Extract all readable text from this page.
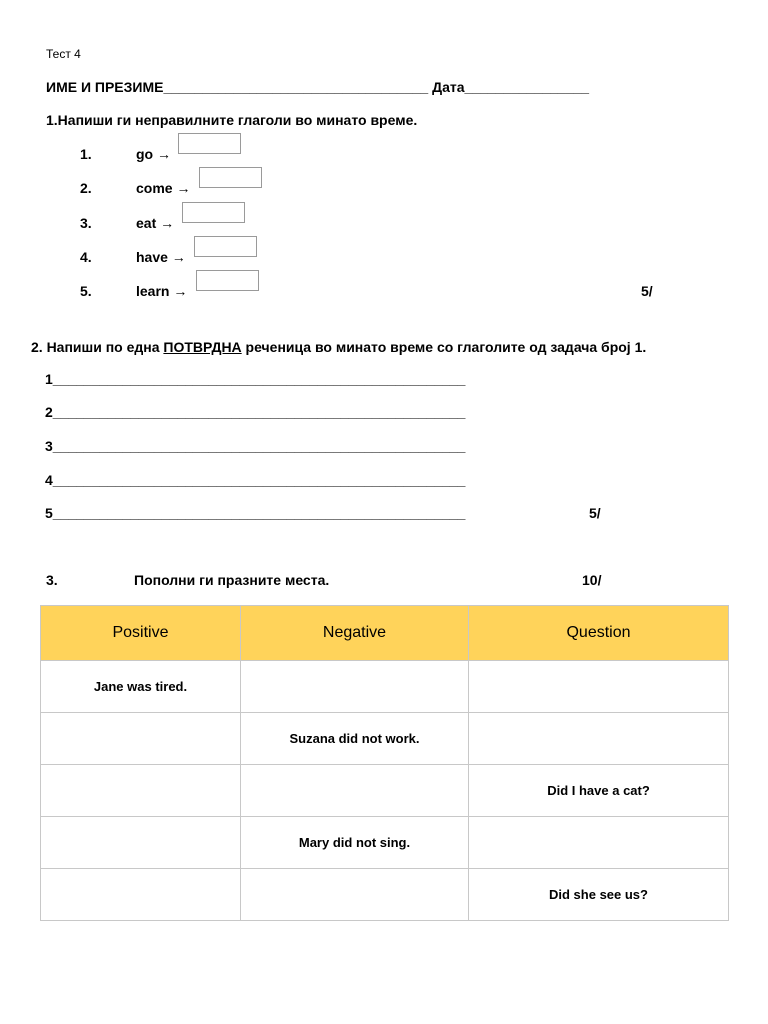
Тест 4
ИМЕ И ПРЕЗИМЕ__________________________________ Дата________________
1.Напиши ги неправилните глаголи во минато време.
1.	go →
2.	come →
3.	eat →
4.	have →
5.	learn →	5/
2. Напиши по една ПОТВРДНА реченица во минато време со глаголите од задача број 1.
1_____________________________________________________
2_____________________________________________________
3_____________________________________________________
4_____________________________________________________
5_____________________________________________________	5/
3.	Пополни ги празните места.	10/
Positive	Negative	Question
Jane was tired.		
	Suzana did not work.	
		Did I have a cat?
	Mary did not sing.	
		Did she see us?
